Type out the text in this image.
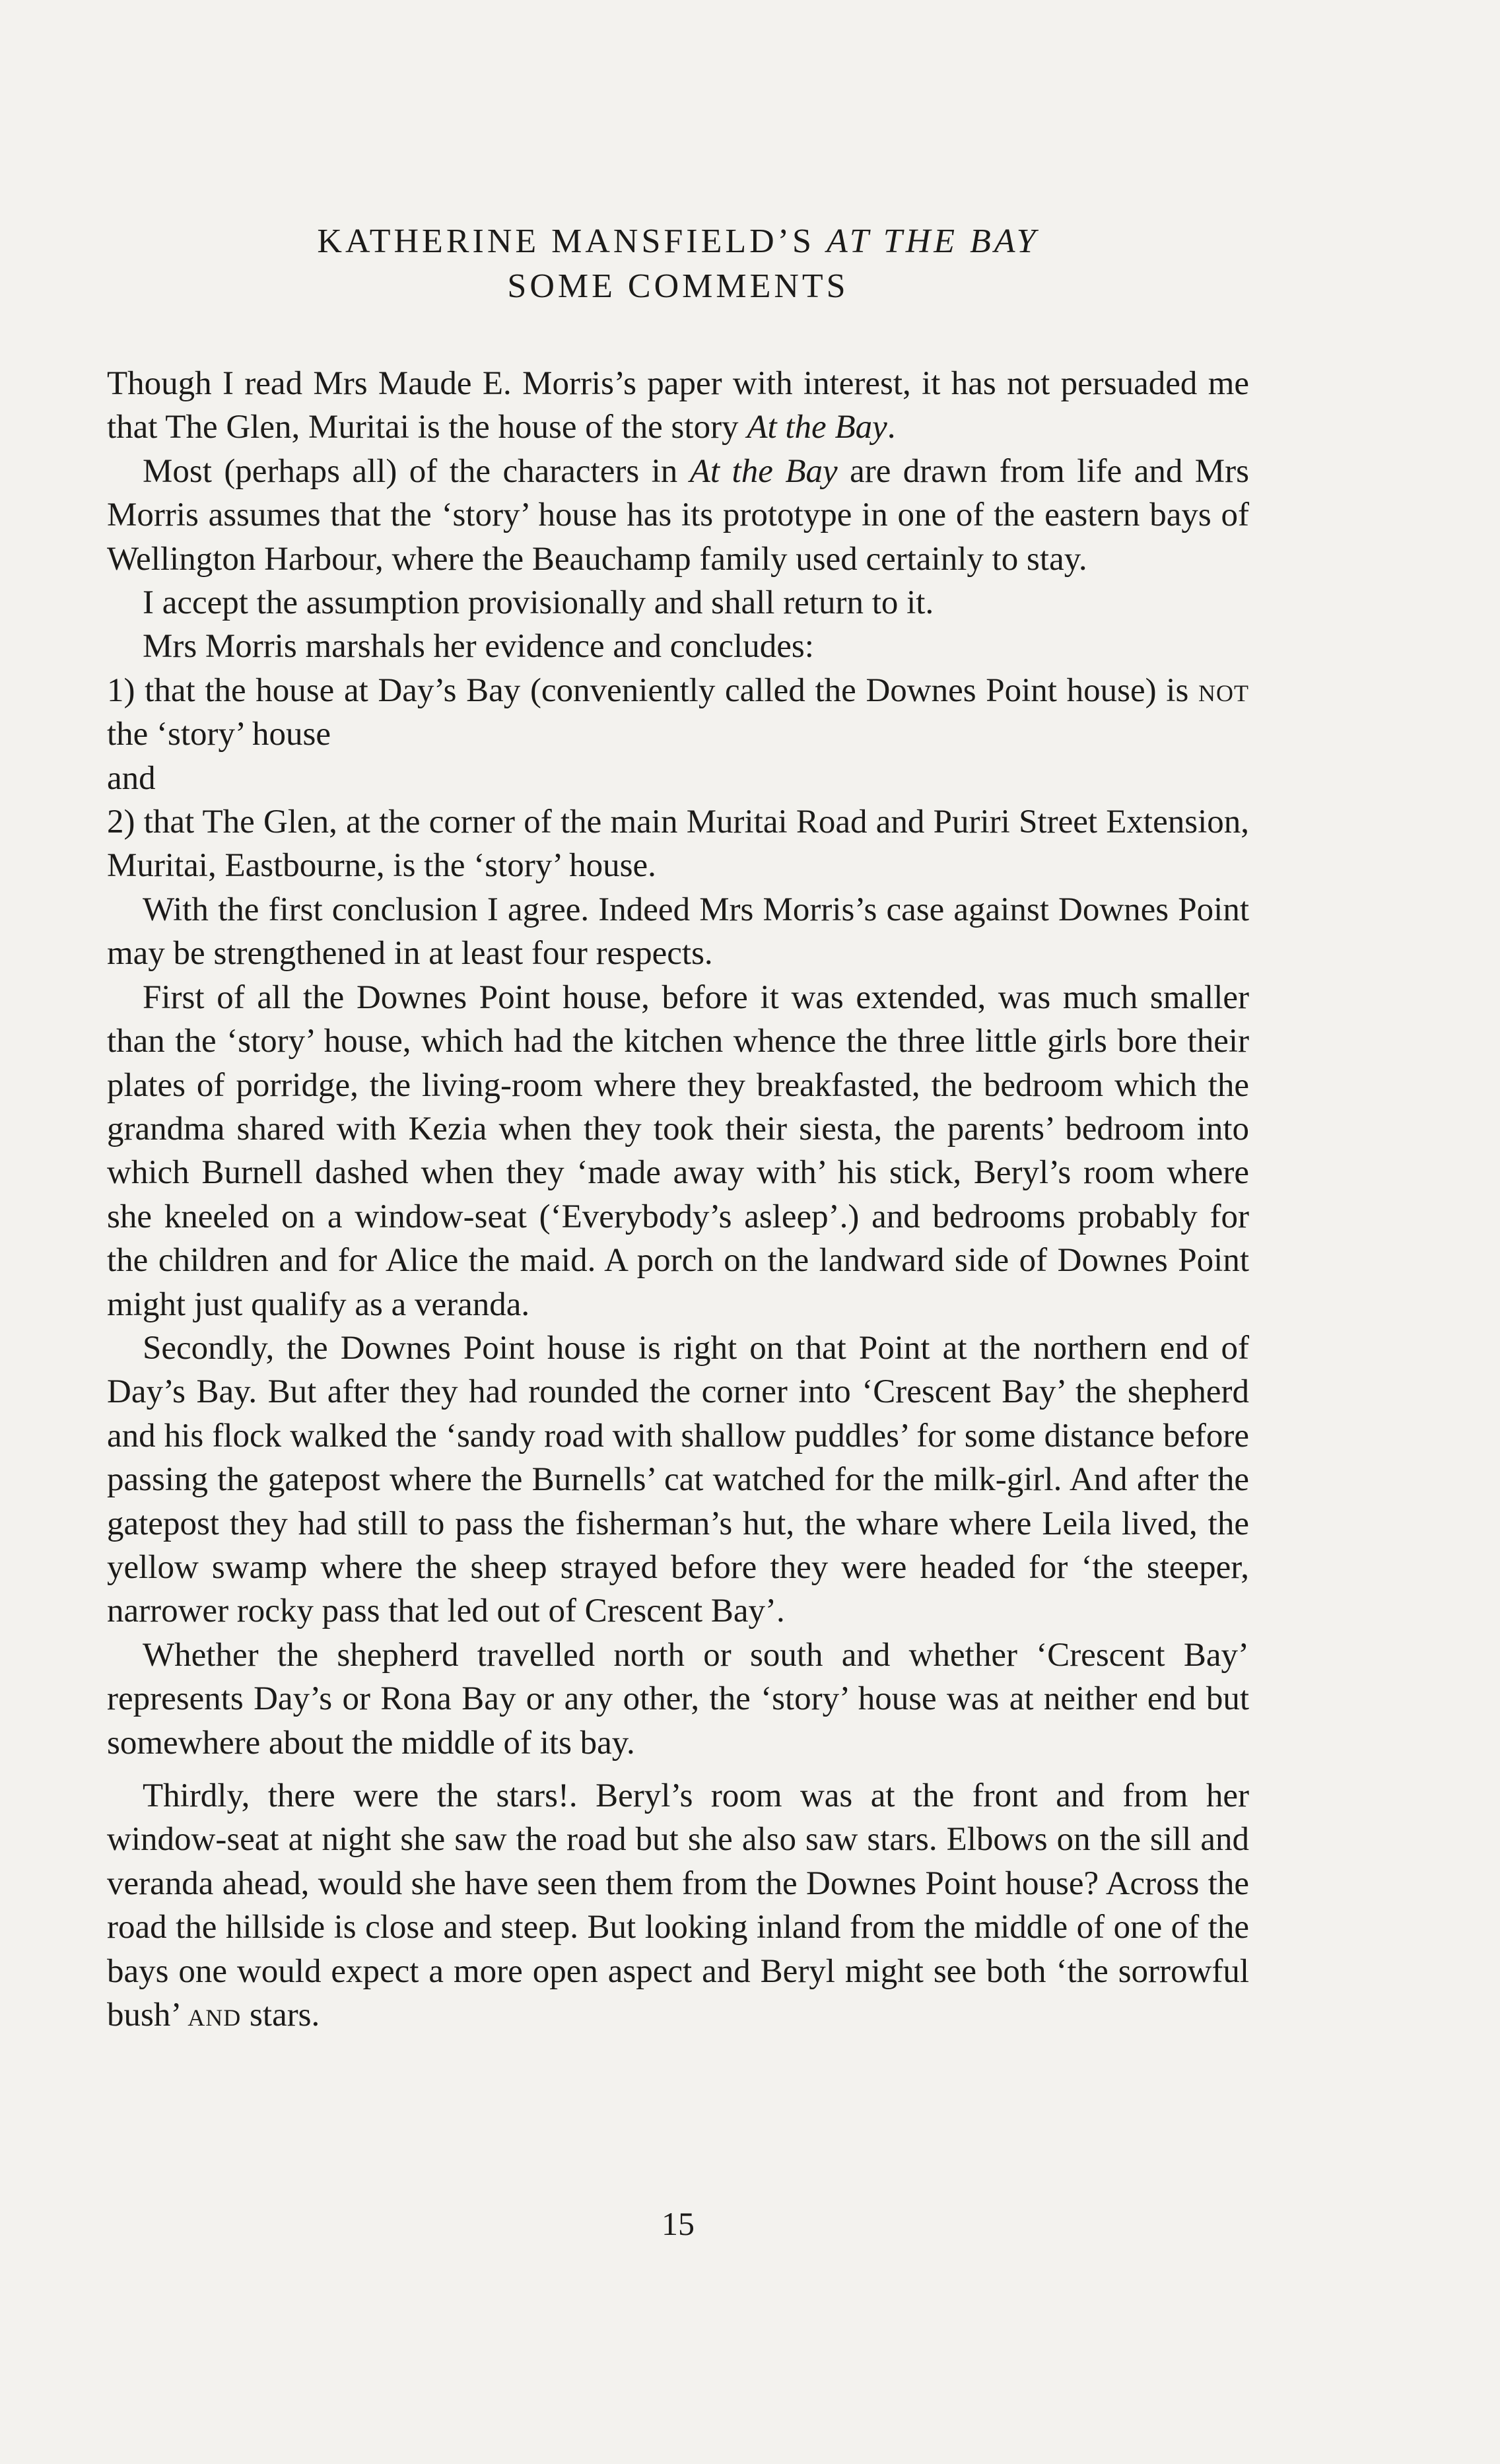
KATHERINE MANSFIELD’S AT THE BAY
SOME COMMENTS

Though I read Mrs Maude E. Morris’s paper with interest, it has not persuaded me that The Glen, Muritai is the house of the story At the Bay.

Most (perhaps all) of the characters in At the Bay are drawn from life and Mrs Morris assumes that the ‘story’ house has its prototype in one of the eastern bays of Wellington Harbour, where the Beauchamp family used certainly to stay.

I accept the assumption provisionally and shall return to it.

Mrs Morris marshals her evidence and concludes:

1) that the house at Day’s Bay (conveniently called the Downes Point house) is not the ‘story’ house

and

2) that The Glen, at the corner of the main Muritai Road and Puriri Street Extension, Muritai, Eastbourne, is the ‘story’ house.

With the first conclusion I agree. Indeed Mrs Morris’s case against Downes Point may be strengthened in at least four respects.

First of all the Downes Point house, before it was extended, was much smaller than the ‘story’ house, which had the kitchen whence the three little girls bore their plates of porridge, the living-room where they breakfasted, the bedroom which the grandma shared with Kezia when they took their siesta, the parents’ bedroom into which Burnell dashed when they ‘made away with’ his stick, Beryl’s room where she kneeled on a window-seat (‘Everybody’s asleep’.) and bedrooms probably for the children and for Alice the maid. A porch on the landward side of Downes Point might just qualify as a veranda.

Secondly, the Downes Point house is right on that Point at the northern end of Day’s Bay. But after they had rounded the corner into ‘Crescent Bay’ the shepherd and his flock walked the ‘sandy road with shallow puddles’ for some distance before passing the gatepost where the Burnells’ cat watched for the milk-girl. And after the gatepost they had still to pass the fisherman’s hut, the whare where Leila lived, the yellow swamp where the sheep strayed before they were headed for ‘the steeper, narrower rocky pass that led out of Crescent Bay’.

Whether the shepherd travelled north or south and whether ‘Crescent Bay’ represents Day’s or Rona Bay or any other, the ‘story’ house was at neither end but somewhere about the middle of its bay.

Thirdly, there were the stars!. Beryl’s room was at the front and from her window-seat at night she saw the road but she also saw stars. Elbows on the sill and veranda ahead, would she have seen them from the Downes Point house? Across the road the hillside is close and steep. But looking inland from the middle of one of the bays one would expect a more open aspect and Beryl might see both ‘the sorrowful bush’ and stars.

15
